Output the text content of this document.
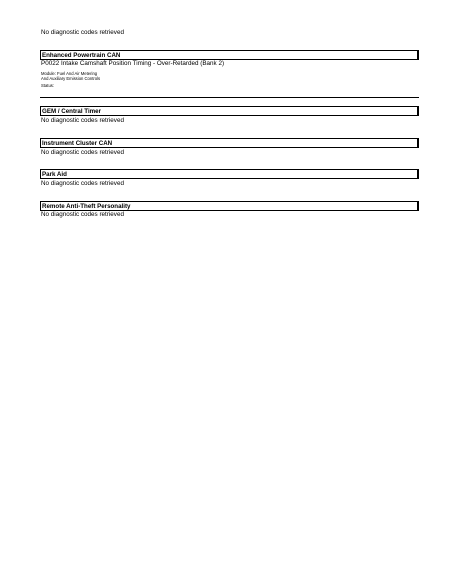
No diagnostic codes retrieved
Enhanced Powertrain CAN
P0022 Intake Camshaft Position Timing - Over-Retarded (Bank 2)
Module: Fuel And Air Metering
And Auxiliary Emission Controls
Status:
GEM / Central Timer
No diagnostic codes retrieved
Instrument Cluster CAN
No diagnostic codes retrieved
Park Aid
No diagnostic codes retrieved
Remote Anti-Theft Personality
No diagnostic codes retrieved
